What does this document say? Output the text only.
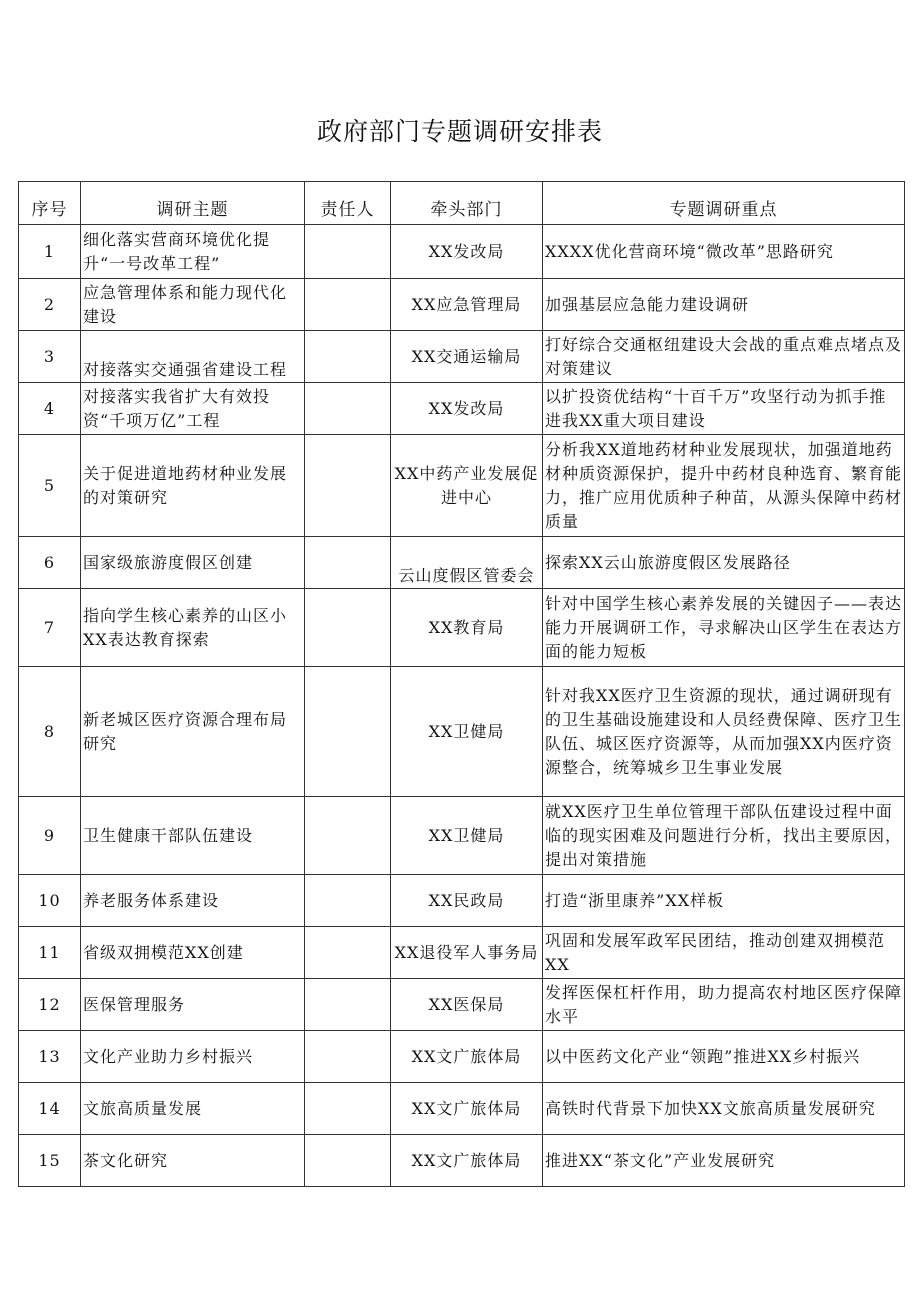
政府部门专题调研安排表
序号	调研主题	责任人	牵头部门	专题调研重点
1	细化落实营商环境优化提升“一号改革工程”		XX发改局	XXXX优化营商环境“微改革”思路研究
2	应急管理体系和能力现代化建设		XX应急管理局	加强基层应急能力建设调研
3	对接落实交通强省建设工程		XX交通运输局	打好综合交通枢纽建设大会战的重点难点堵点及对策建议
4	对接落实我省扩大有效投资“千项万亿”工程		XX发改局	以扩投资优结构“十百千万”攻坚行动为抓手推进我XX重大项目建设
5	关于促进道地药材种业发展的对策研究		XX中药产业发展促进中心	分析我XX道地药材种业发展现状，加强道地药材种质资源保护，提升中药材良种选育、繁育能力，推广应用优质种子种苗，从源头保障中药材质量
6	国家级旅游度假区创建		云山度假区管委会	探索XX云山旅游度假区发展路径
7	指向学生核心素养的山区小XX表达教育探索		XX教育局	针对中国学生核心素养发展的关键因子——表达能力开展调研工作，寻求解决山区学生在表达方面的能力短板
8	新老城区医疗资源合理布局研究		XX卫健局	针对我XX医疗卫生资源的现状，通过调研现有的卫生基础设施建设和人员经费保障、医疗卫生队伍、城区医疗资源等，从而加强XX内医疗资源整合，统筹城乡卫生事业发展
9	卫生健康干部队伍建设		XX卫健局	就XX医疗卫生单位管理干部队伍建设过程中面临的现实困难及问题进行分析，找出主要原因，提出对策措施
10	养老服务体系建设		XX民政局	打造“浙里康养”XX样板
11	省级双拥模范XX创建		XX退役军人事务局	巩固和发展军政军民团结，推动创建双拥模范XX
12	医保管理服务		XX医保局	发挥医保杠杆作用，助力提高农村地区医疗保障水平
13	文化产业助力乡村振兴		XX文广旅体局	以中医药文化产业“领跑”推进XX乡村振兴
14	文旅高质量发展		XX文广旅体局	高铁时代背景下加快XX文旅高质量发展研究
15	茶文化研究		XX文广旅体局	推进XX“茶文化”产业发展研究
